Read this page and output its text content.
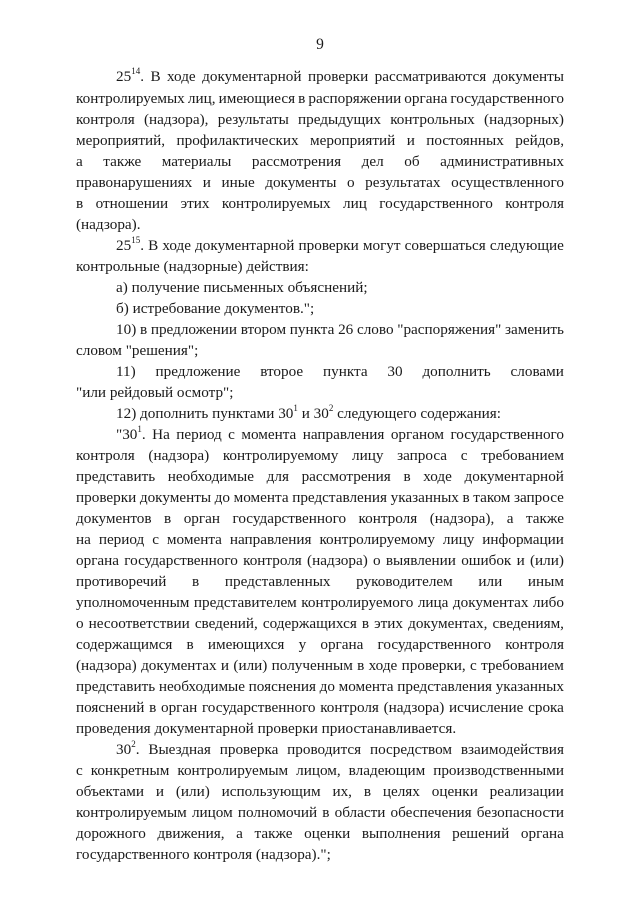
9
$25^{14}$. В ходе документарной проверки рассматриваются документы
контролируемых лиц, имеющиеся в распоряжении органа государственного
контроля (надзора), результаты предыдущих контрольных (надзорных)
мероприятий, профилактических мероприятий и постоянных рейдов,
а также материалы рассмотрения дел об административных
правонарушениях и иные документы о результатах осуществленного
в отношении этих контролируемых лиц государственного контроля
(надзора).
$25^{15}$. В ходе документарной проверки могут совершаться следующие
контрольные (надзорные) действия:
а) получение письменных объяснений;
б) истребование документов.";
10) в предложении втором пункта 26 слово "распоряжения" заменить
словом "решения";
11) предложение второе пункта 30 дополнить словами
"или рейдовый осмотр";
12) дополнить пунктами $30^1$ и $30^2$ следующего содержания:
"$30^1$. На период с момента направления органом государственного
контроля (надзора) контролируемому лицу запроса с требованием
представить необходимые для рассмотрения в ходе документарной
проверки документы до момента представления указанных в таком запросе
документов в орган государственного контроля (надзора), а также
на период с момента направления контролируемому лицу информации
органа государственного контроля (надзора) о выявлении ошибок и (или)
противоречий в представленных руководителем или иным
уполномоченным представителем контролируемого лица документах либо
о несоответствии сведений, содержащихся в этих документах, сведениям,
содержащимся в имеющихся у органа государственного контроля
(надзора) документах и (или) полученным в ходе проверки, с требованием
представить необходимые пояснения до момента представления указанных
пояснений в орган государственного контроля (надзора) исчисление срока
проведения документарной проверки приостанавливается.
$30^2$. Выездная проверка проводится посредством взаимодействия
с конкретным контролируемым лицом, владеющим производственными
объектами и (или) использующим их, в целях оценки реализации
контролируемым лицом полномочий в области обеспечения безопасности
дорожного движения, а также оценки выполнения решений органа
государственного контроля (надзора).";
